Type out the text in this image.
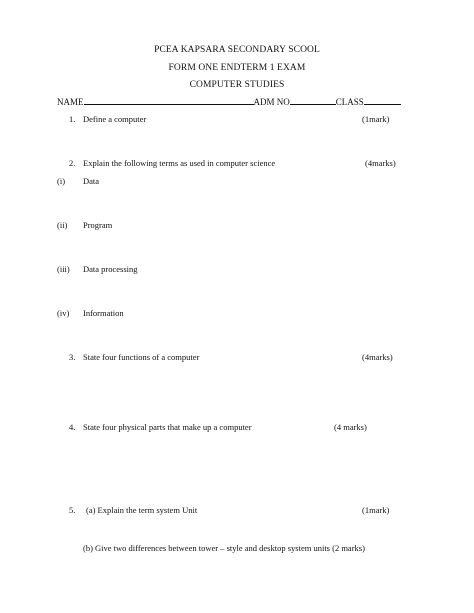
PCEA KAPSARA SECONDARY SCOOL
FORM ONE ENDTERM 1 EXAM
COMPUTER STUDIES
NAME	ADM NO	CLASS
1. Define a computer	(1mark)
2. Explain the following terms as used in computer science	(4marks)
(i) Data
(ii) Program
(iii) Data processing
(iv) Information
3. State four functions of a computer	(4marks)
4. State four physical parts that make up a computer	(4 marks)
5. (a) Explain the term system Unit	(1mark)
(b) Give two differences between tower – style and desktop system units (2 marks)
